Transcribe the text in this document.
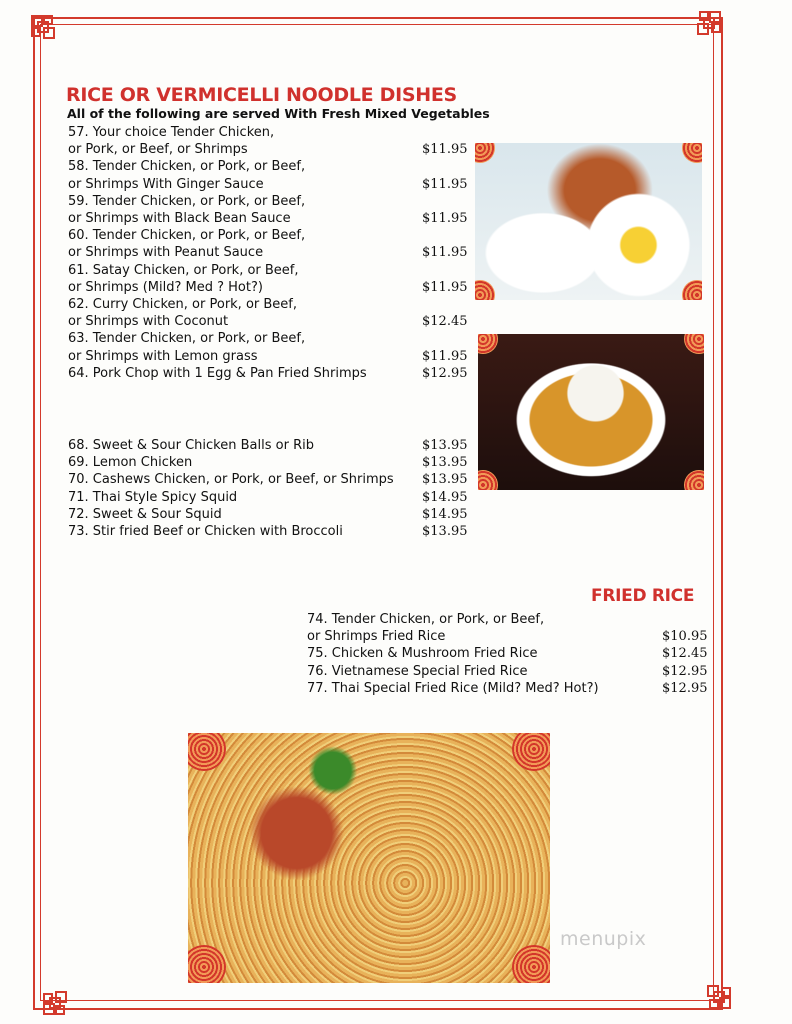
RICE OR VERMICELLI NOODLE DISHES
All of the following are served With Fresh Mixed Vegetables
57. Your choice Tender Chicken,
or Pork, or Beef, or Shrimps	$11.95
58. Tender Chicken, or Pork, or Beef,
or Shrimps With Ginger Sauce	$11.95
59. Tender Chicken, or Pork, or Beef,
or Shrimps with Black Bean Sauce	$11.95
60. Tender Chicken, or Pork, or Beef,
or Shrimps with Peanut Sauce	$11.95
61. Satay Chicken, or Pork, or Beef,
or Shrimps (Mild? Med ? Hot?)	$11.95
62. Curry Chicken, or Pork, or Beef,
or Shrimps with Coconut	$12.45
63. Tender Chicken, or Pork, or Beef,
or Shrimps with Lemon grass	$11.95
64. Pork Chop with 1 Egg & Pan Fried Shrimps	$12.95
68. Sweet & Sour Chicken Balls or Rib	$13.95
69. Lemon Chicken	$13.95
70. Cashews Chicken, or Pork, or Beef, or Shrimps $13.95
71. Thai Style Spicy Squid	$14.95
72. Sweet & Sour Squid	$14.95
73. Stir fried Beef or Chicken with Broccoli	$13.95
FRIED RICE
74. Tender Chicken, or Pork, or Beef,
or Shrimps Fried Rice	$10.95
75. Chicken & Mushroom Fried Rice	$12.45
76. Vietnamese Special Fried Rice	$12.95
77. Thai Special Fried Rice (Mild? Med? Hot?)	$12.95
menupix
